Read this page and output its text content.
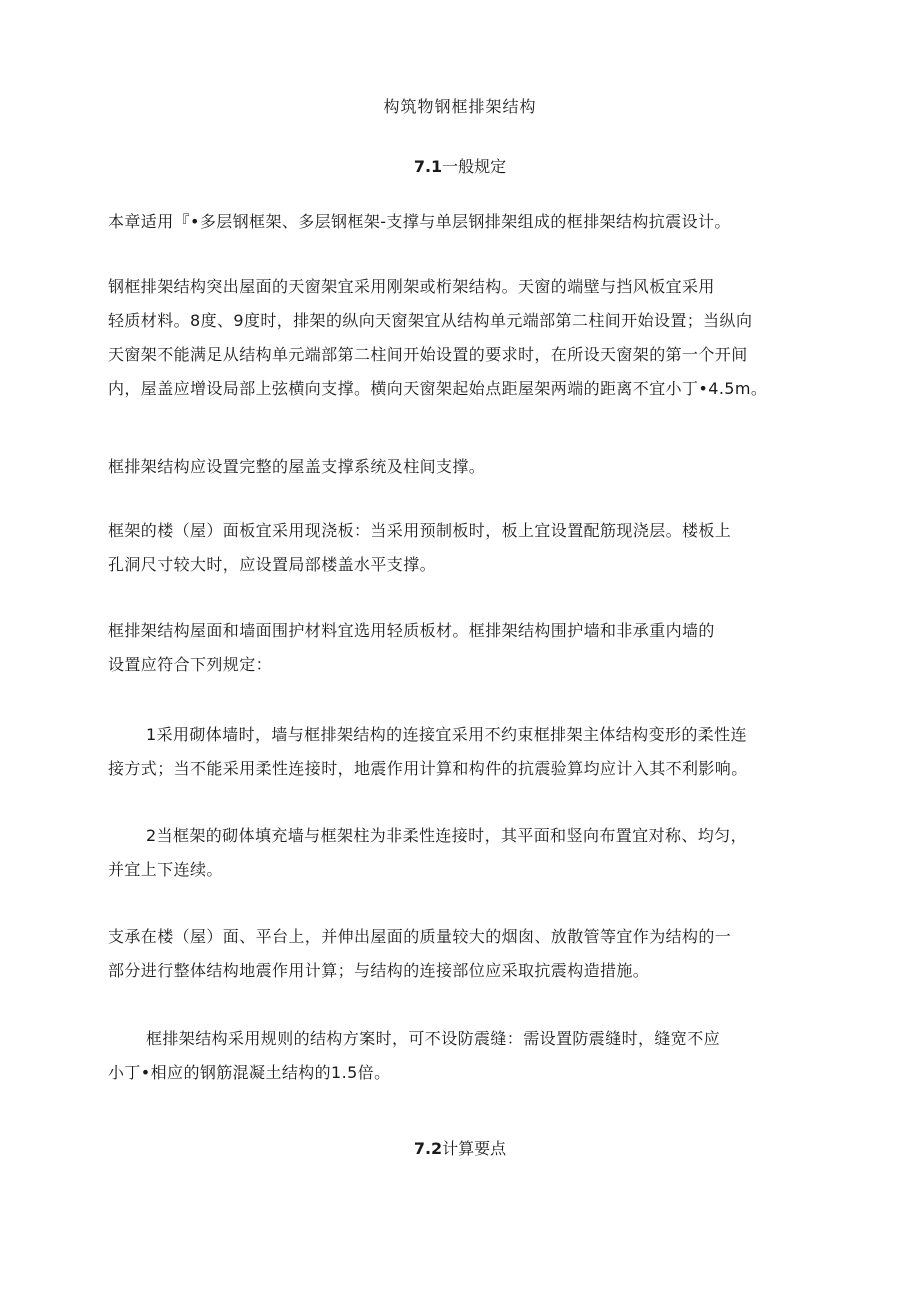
构筑物钢框排架结构
7.1一般规定
本章适用『•多层钢框架、多层钢框架-支撑与单层钢排架组成的框排架结构抗震设计。
钢框排架结构突出屋面的天窗架宜采用刚架或桁架结构。天窗的端壁与挡风板宜采用
轻质材料。8度、9度时，排架的纵向天窗架宜从结构单元端部第二柱间开始设置；当纵向
天窗架不能满足从结构单元端部第二柱间开始设置的要求时，在所设天窗架的第一个开间
内，屋盖应增设局部上弦横向支撑。横向天窗架起始点距屋架两端的距离不宜小丁•4.5m。
框排架结构应设置完整的屋盖支撑系统及柱间支撑。
框架的楼（屋）面板宜采用现浇板：当采用预制板时，板上宜设置配筋现浇层。楼板上
孔洞尺寸较大时，应设置局部楼盖水平支撑。
框排架结构屋面和墙面围护材料宜选用轻质板材。框排架结构围护墙和非承重内墙的
设置应符合下列规定：
1采用砌体墙时，墙与框排架结构的连接宜采用不约束框排架主体结构变形的柔性连
接方式；当不能采用柔性连接时，地震作用计算和构件的抗震验算均应计入其不利影响。
2当框架的砌体填充墙与框架柱为非柔性连接时，其平面和竖向布置宜对称、均匀，
并宜上下连续。
支承在楼（屋）面、平台上，并伸出屋面的质量较大的烟囱、放散管等宜作为结构的一
部分进行整体结构地震作用计算；与结构的连接部位应采取抗震构造措施。
框排架结构采用规则的结构方案时，可不设防震缝：需设置防震缝时，缝宽不应
小丁•相应的钢筋混凝土结构的1.5倍。
7.2计算要点
